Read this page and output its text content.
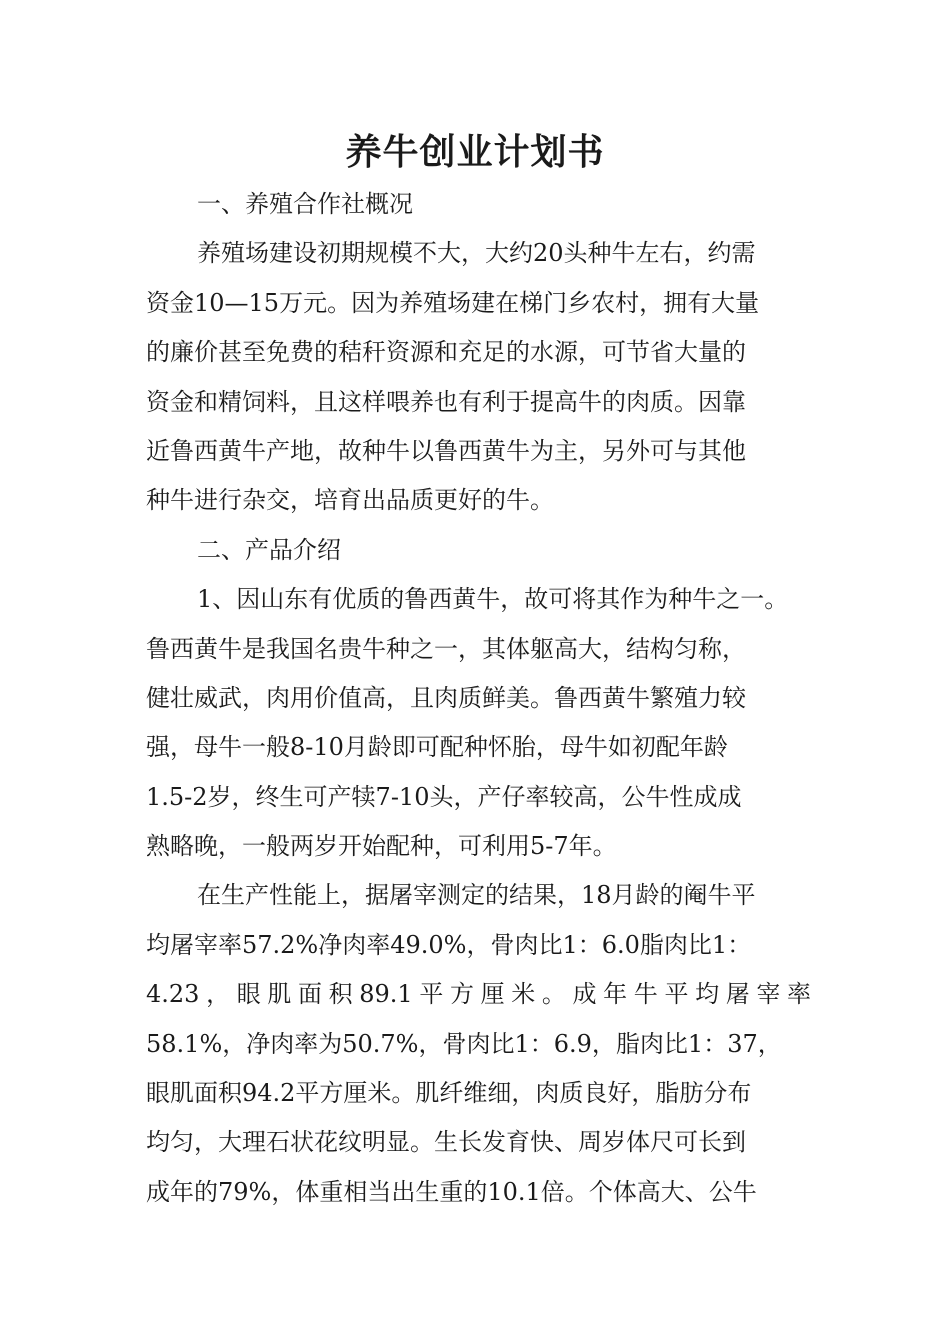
养牛创业计划书
一、养殖合作社概况
养殖场建设初期规模不大，大约20头种牛左右，约需
资金10—15万元。因为养殖场建在梯门乡农村，拥有大量
的廉价甚至免费的秸秆资源和充足的水源，可节省大量的
资金和精饲料，且这样喂养也有利于提高牛的肉质。因靠
近鲁西黄牛产地，故种牛以鲁西黄牛为主，另外可与其他
种牛进行杂交，培育出品质更好的牛。
二、产品介绍
1、因山东有优质的鲁西黄牛，故可将其作为种牛之一。
鲁西黄牛是我国名贵牛种之一，其体躯高大，结构匀称，
健壮威武，肉用价值高，且肉质鲜美。鲁西黄牛繁殖力较
强，母牛一般8-10月龄即可配种怀胎，母牛如初配年龄
1.5-2岁，终生可产犊7-10头，产仔率较高，公牛性成成
熟略晚，一般两岁开始配种，可利用5-7年。
在生产性能上，据屠宰测定的结果，18月龄的阉牛平
均屠宰率57.2%净肉率49.0%，骨肉比1：6.0脂肉比1：
4.23，眼肌面积89.1平方厘米。成年牛平均屠宰率
58.1%，净肉率为50.7%，骨肉比1：6.9，脂肉比1：37，
眼肌面积94.2平方厘米。肌纤维细，肉质良好，脂肪分布
均匀，大理石状花纹明显。生长发育快、周岁体尺可长到
成年的79%，体重相当出生重的10.1倍。个体高大、公牛
